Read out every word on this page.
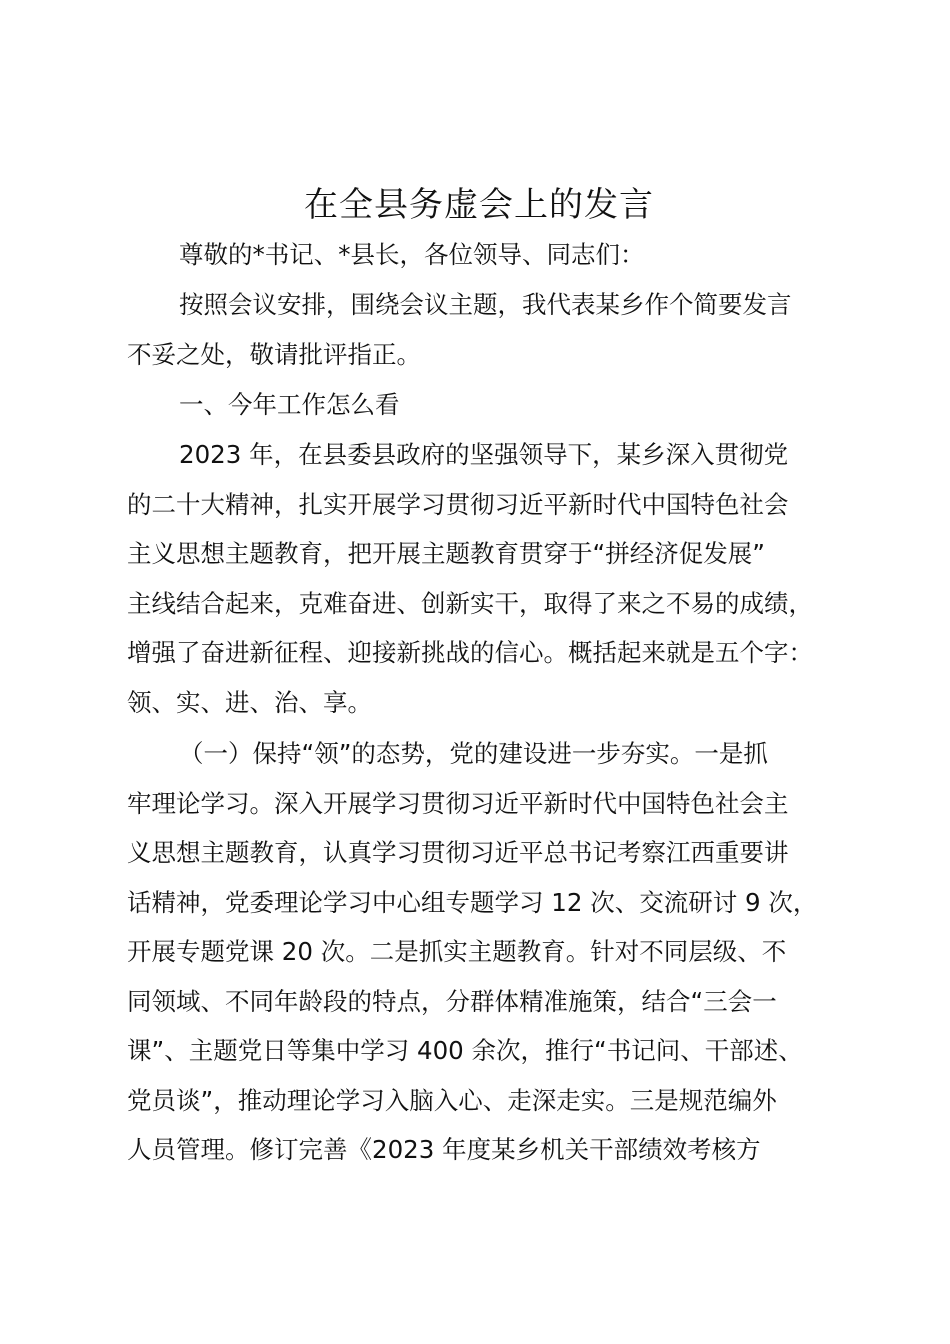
在全县务虚会上的发言
尊敬的*书记、*县长，各位领导、同志们：
按照会议安排，围绕会议主题，我代表某乡作个简要发言
不妥之处，敬请批评指正。
一、今年工作怎么看
2023 年，在县委县政府的坚强领导下，某乡深入贯彻党
的二十大精神，扎实开展学习贯彻习近平新时代中国特色社会
主义思想主题教育，把开展主题教育贯穿于“拼经济促发展”
主线结合起来，克难奋进、创新实干，取得了来之不易的成绩，
增强了奋进新征程、迎接新挑战的信心。概括起来就是五个字：
领、实、进、治、享。
（一）保持“领”的态势，党的建设进一步夯实。一是抓
牢理论学习。深入开展学习贯彻习近平新时代中国特色社会主
义思想主题教育，认真学习贯彻习近平总书记考察江西重要讲
话精神，党委理论学习中心组专题学习 12 次、交流研讨 9 次，
开展专题党课 20 次。二是抓实主题教育。针对不同层级、不
同领域、不同年龄段的特点，分群体精准施策，结合“三会一
课”、主题党日等集中学习 400 余次，推行“书记问、干部述、
党员谈”，推动理论学习入脑入心、走深走实。三是规范编外
人员管理。修订完善《2023 年度某乡机关干部绩效考核方
